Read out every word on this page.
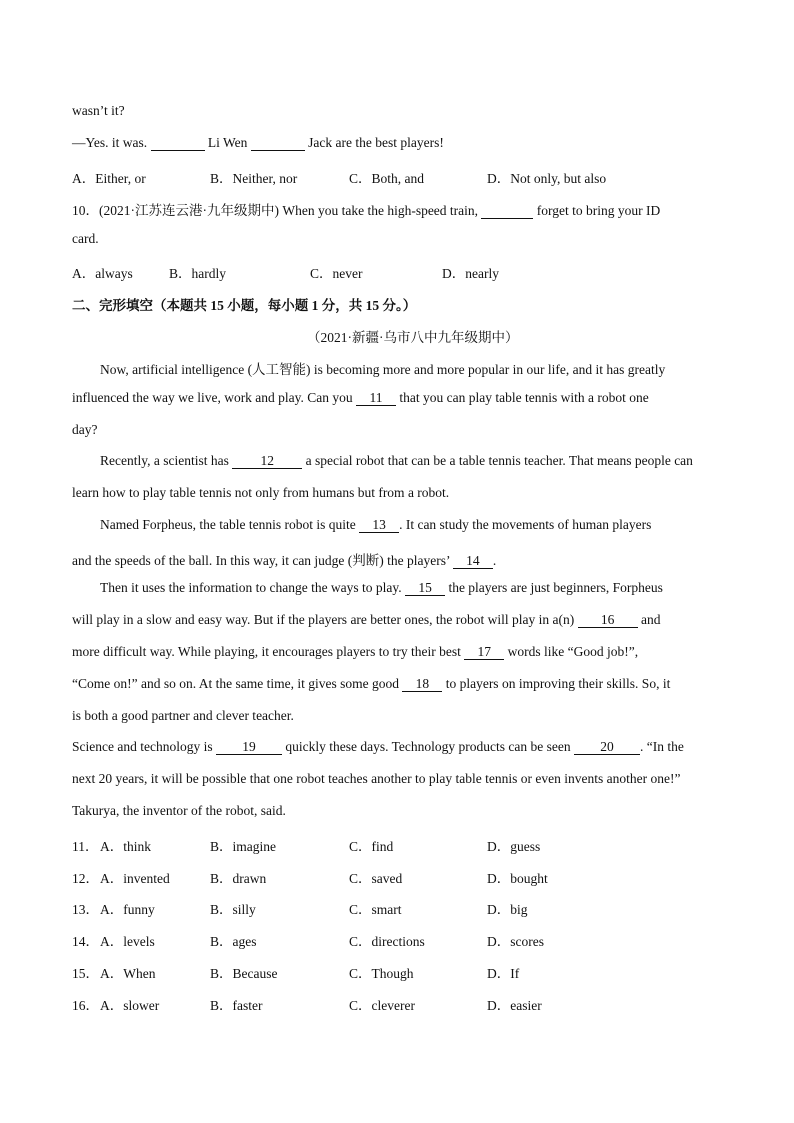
wasn’t it?
—Yes. it was.	Li Wen	Jack are the best players!
A．Either, or	B．Neither, nor	C．Both, and	D．Not only, but also
10．(2021·江苏连云港·九年级期中) When you take the high-speed train,	forget to bring your ID
card.
A．always	B．hardly	C．never	D．nearly
二、完形填空（本题共 15 小题，每小题 1 分，共 15 分。）
（2021·新疆·乌市八中九年级期中）
Now, artificial intelligence (人工智能) is becoming more and more popular in our life, and it has greatly
influenced the way we live, work and play. Can you 11 that you can play table tennis with a robot one
day?
Recently, a scientist has 12 a special robot that can be a table tennis teacher. That means people can
learn how to play table tennis not only from humans but from a robot.
Named Forpheus, the table tennis robot is quite 13 . It can study the movements of human players
and the speeds of the ball. In this way, it can judge (判断) the players’ 14 .
Then it uses the information to change the ways to play. 15 the players are just beginners, Forpheus
will play in a slow and easy way. But if the players are better ones, the robot will play in a(n) 16 and
more difficult way. While playing, it encourages players to try their best 17 words like “Good job!”,
“Come on!” and so on. At the same time, it gives some good 18 to players on improving their skills. So, it
is both a good partner and clever teacher.
Science and technology is 19 quickly these days. Technology products can be seen 20 . “In the
next 20 years, it will be possible that one robot teaches another to play table tennis or even invents another one!”
Takurya, the inventor of the robot, said.
11． A．think	B．imagine	C．find	D．guess
12． A．invented	B．drawn	C．saved	D．bought
13． A．funny	B．silly	C．smart	D．big
14． A．levels	B．ages	C．directions	D．scores
15． A．When	B．Because	C．Though	D．If
16． A．slower	B．faster	C．cleverer	D．easier
